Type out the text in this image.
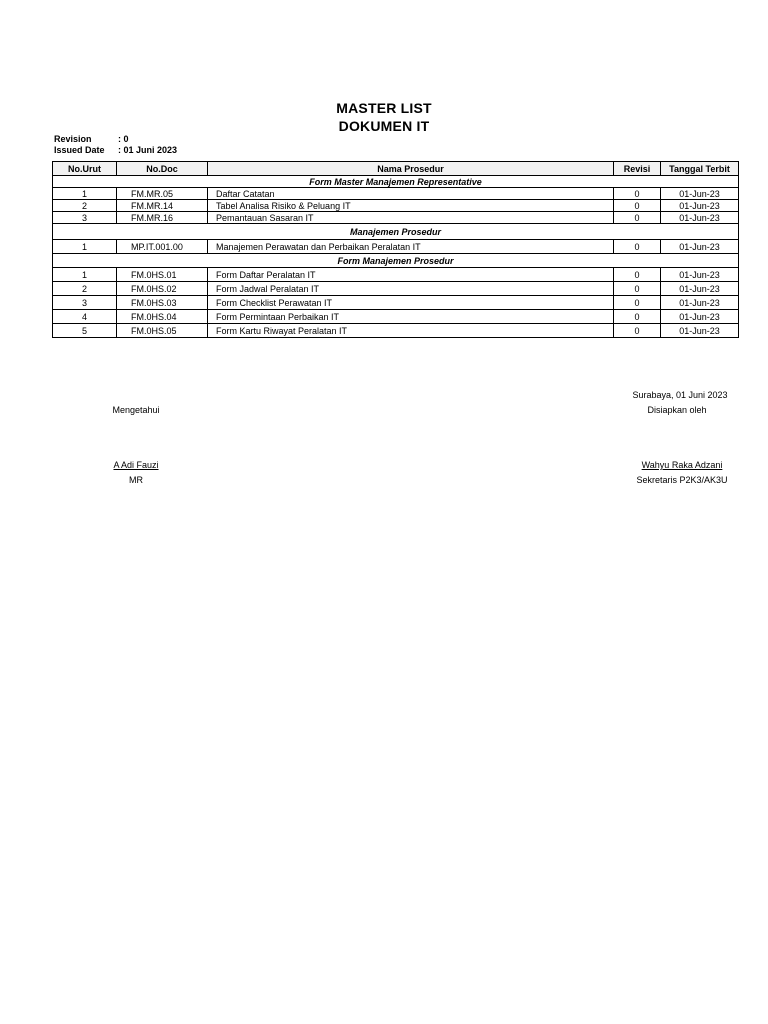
MASTER LIST
DOKUMEN IT
Revision	: 0
Issued Date : 01 Juni 2023
No.Urut	No.Doc	Nama Prosedur	Revisi	Tanggal Terbit
Form Master Manajemen Representative				
1	FM.MR.05	Daftar Catatan	0	01-Jun-23
2	FM.MR.14	Tabel Analisa Risiko & Peluang IT	0	01-Jun-23
3	FM.MR.16	Pemantauan Sasaran IT	0	01-Jun-23
Manajemen Prosedur				
1	MP.IT.001.00	Manajemen Perawatan dan Perbaikan Peralatan IT	0	01-Jun-23
Form Manajemen Prosedur				
1	FM.0HS.01	Form Daftar Peralatan IT	0	01-Jun-23
2	FM.0HS.02	Form Jadwal Peralatan IT	0	01-Jun-23
3	FM.0HS.03	Form Checklist Perawatan IT	0	01-Jun-23
4	FM.0HS.04	Form Permintaan Perbaikan IT	0	01-Jun-23
5	FM.0HS.05	Form Kartu Riwayat Peralatan IT	0	01-Jun-23
Surabaya, 01 Juni 2023
Mengetahui
A Adi Fauzi
MR
Disiapkan oleh
Wahyu Raka Adzani
Sekretaris P2K3/AK3U
